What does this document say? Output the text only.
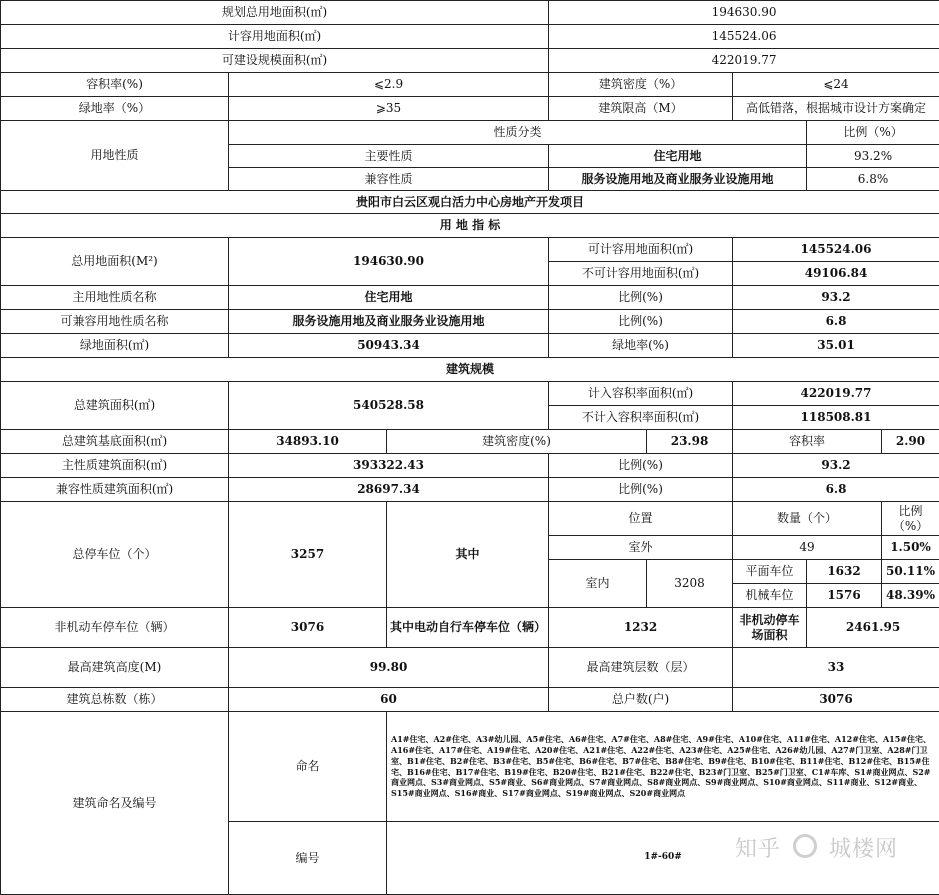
规划总用地面积(㎡)			194630.90				
计容用地面积(㎡)			145524.06				
可建设规模面积(㎡)			422019.77				
容积率(%)	⩽2.9		建筑密度（%）		⩽24		
绿地率（%）	⩾35		建筑限高（M）		高低错落，根据城市设计方案确定		
用地性质	性质分类					比例（%）	
	主要性质		住宅用地			93.2%	
	兼容性质		服务设施用地及商业服务业设施用地			6.8%	
贵阳市白云区观白活力中心房地产开发项目							
用 地 指 标							
总用地面积(M²)	194630.90		可计容用地面积(㎡)		145524.06		
			不可计容用地面积(㎡)		49106.84		
主用地性质名称	住宅用地		比例(%)		93.2		
可兼容用地性质名称	服务设施用地及商业服务业设施用地		比例(%)		6.8		
绿地面积(㎡)	50943.34		绿地率(%)		35.01		
建筑规模							
总建筑面积(㎡)	540528.58		计入容积率面积(㎡)		422019.77		
			不计入容积率面积(㎡)		118508.81		
总建筑基底面积(㎡)	34893.10	建筑密度(%)		23.98	容积率		2.90
主性质建筑面积(㎡)	393322.43		比例(%)		93.2		
兼容性质建筑面积(㎡)	28697.34		比例(%)		6.8		
总停车位（个）	3257	其中	位置		数量（个）		比例（%）
			室外		49		1.50%
			室内	3208	平面车位	1632	50.11%
					机械车位	1576	48.39%
非机动车停车位（辆）	3076	其中电动自行车停车位（辆）	1232		非机动停车场面积	2461.95	
最高建筑高度(M)	99.80		最高建筑层数（层）		33		
建筑总栋数（栋）	60		总户数(户)		3076		
建筑命名及编号	命名	A1#住宅、A2#住宅、A3#幼儿园、A5#住宅、A6#住宅、A7#住宅、A8#住宅、A9#住宅、A10#住宅、A11#住宅、A12#住宅、A15#住宅、A16#住宅、A17#住宅、A19#住宅、A20#住宅、A21#住宅、A22#住宅、A23#住宅、A25#住宅、A26#幼儿园、A27#门卫室、A28#门卫室、B1#住宅、B2#住宅、B3#住宅、B5#住宅、B6#住宅、B7#住宅、B8#住宅、B9#住宅、B10#住宅、B11#住宅、B12#住宅、B15#住宅、B16#住宅、B17#住宅、B19#住宅、B20#住宅、B21#住宅、B22#住宅、B23#门卫室、B25#门卫室、C1#车库、S1#商业网点、S2#商业网点、S3#商业网点、S5#商业、S6#商业网点、S7#商业网点、S8#商业网点、S9#商业网点、S10#商业网点、S11#商业、S12#商业、S15#商业网点、S16#商业、S17#商业网点、S19#商业网点、S20#商业网点					
	编号	1#-60#					知乎 城楼网
